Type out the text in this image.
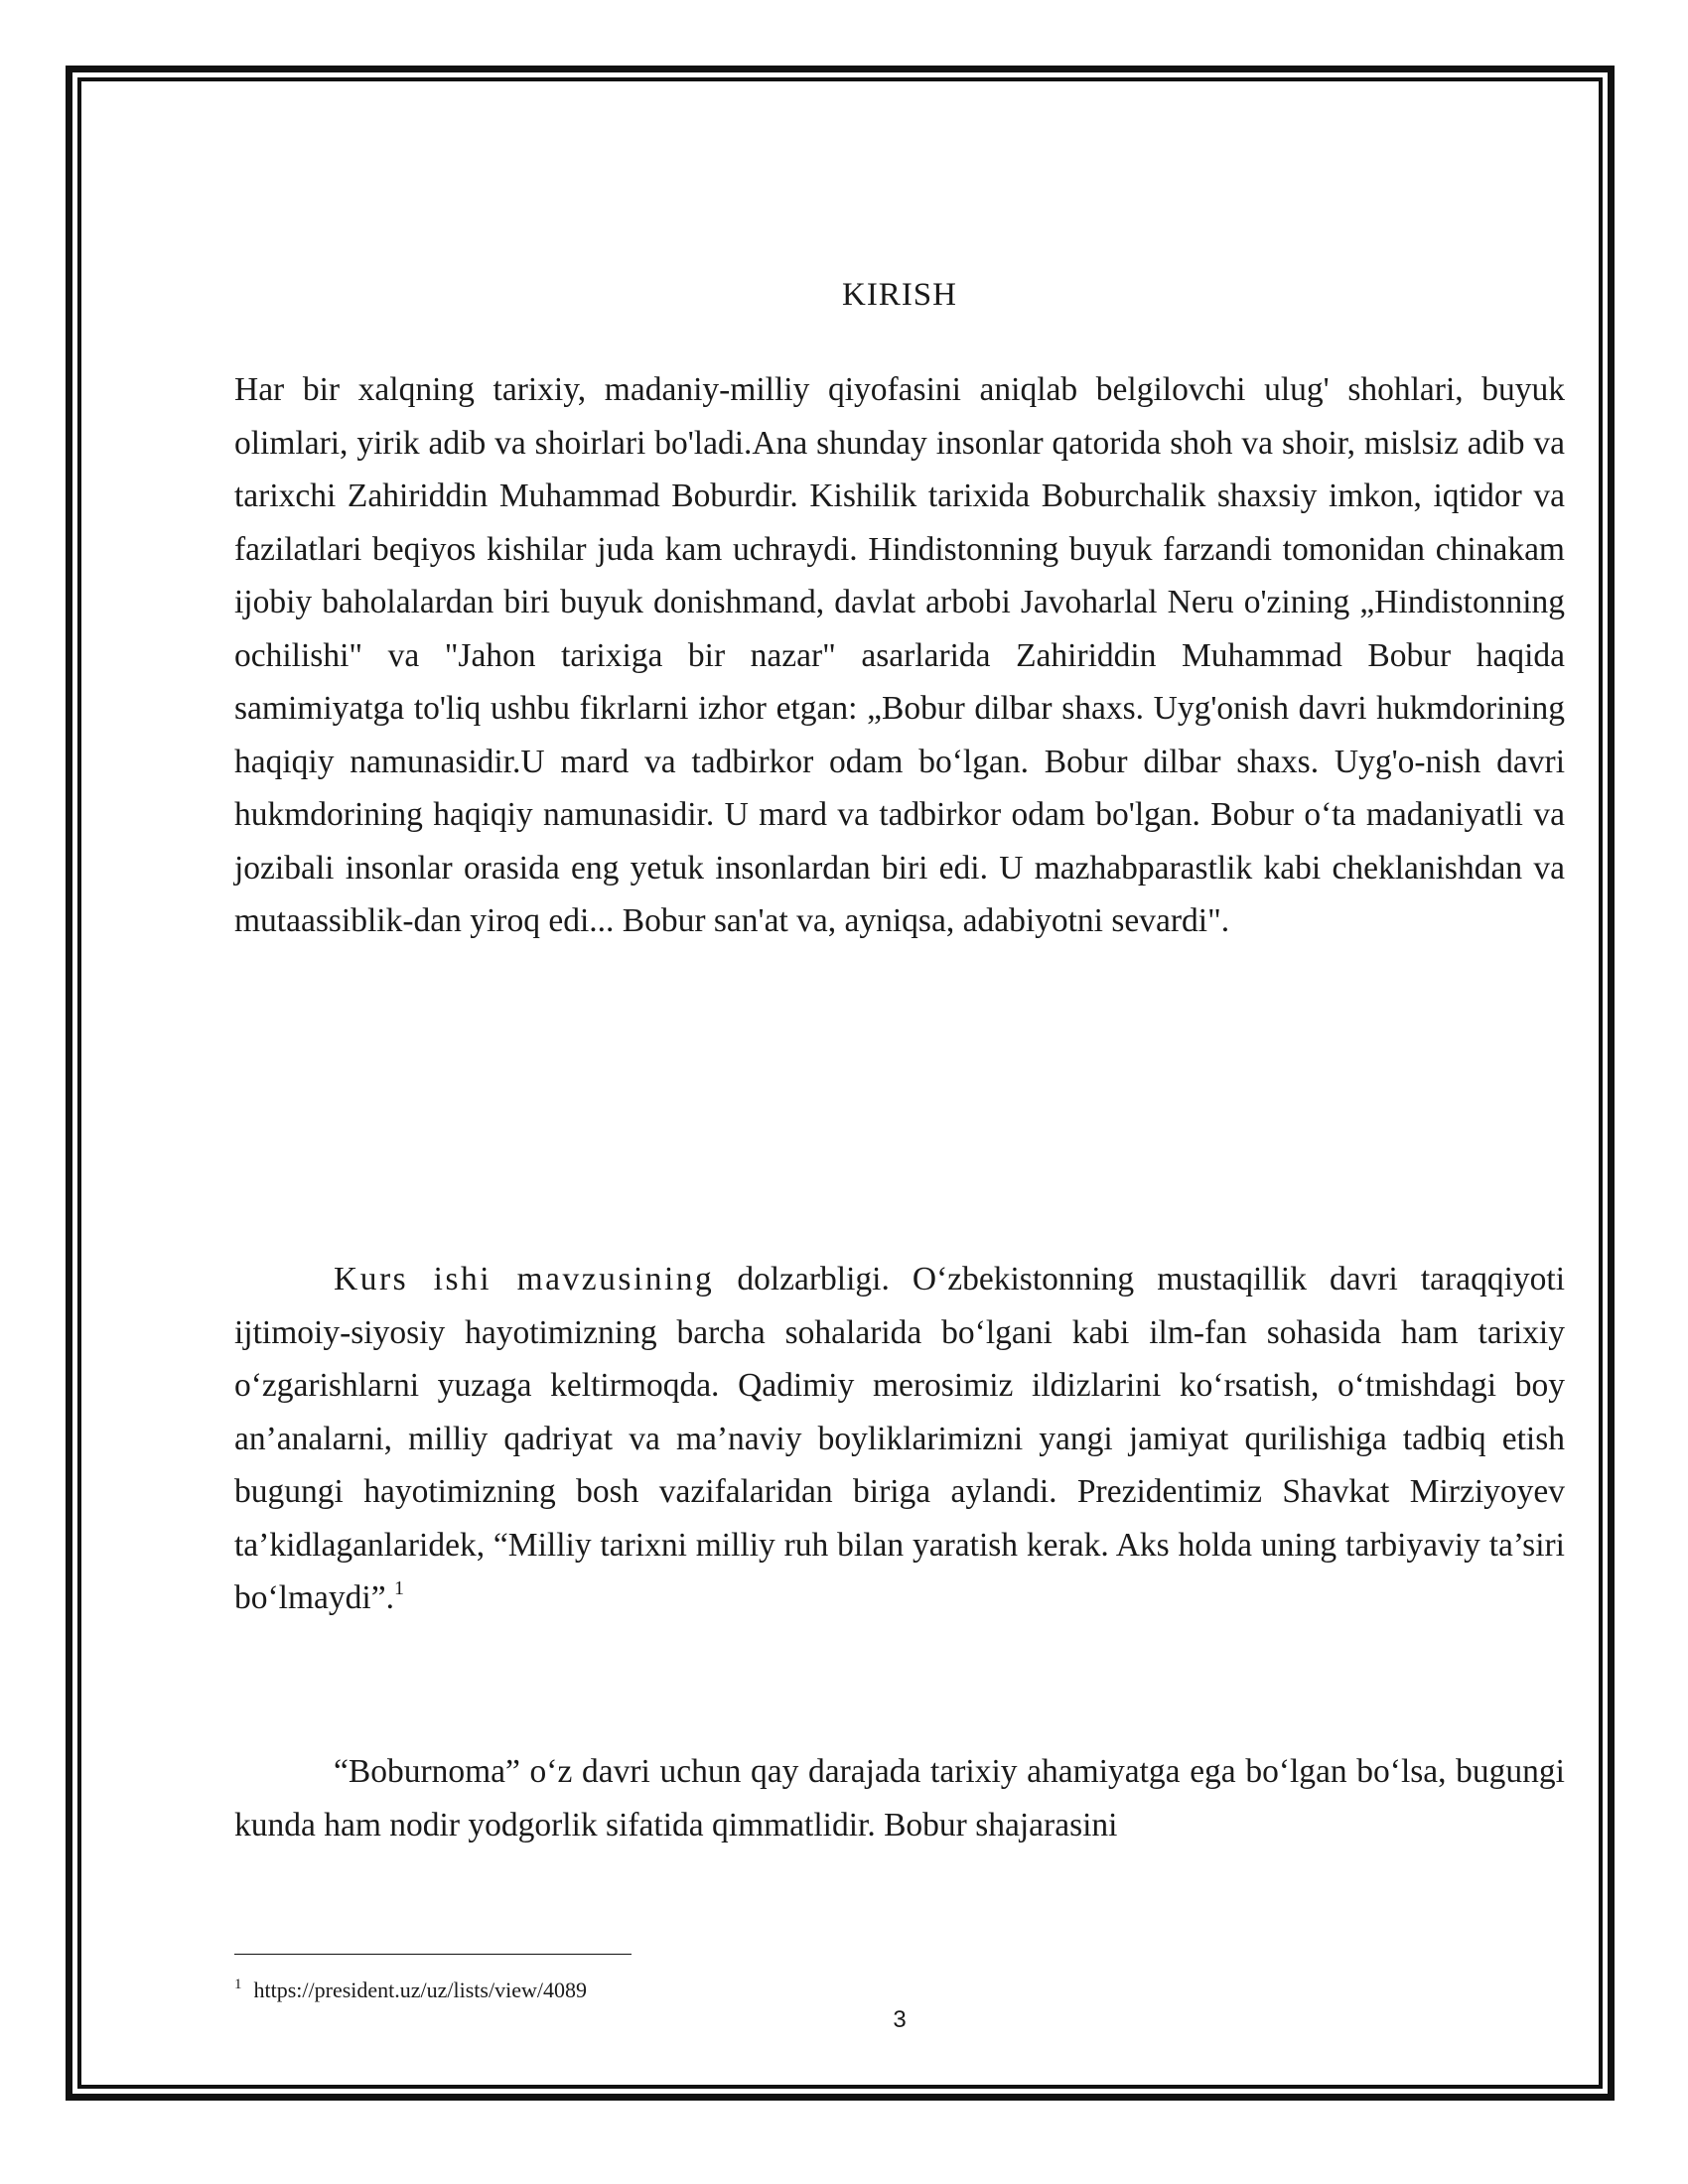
KIRISH

Har bir xalqning tarixiy, madaniy-milliy qiyofasini aniqlab belgilovchi ulug' shohlari, buyuk olimlari, yirik adib va shoirlari bo'ladi.Ana shunday insonlar qatorida shoh va shoir, mislsiz adib va tarixchi Zahiriddin Muhammad Boburdir. Kishilik tarixida Boburchalik shaxsiy imkon, iqtidor va fazilatlari beqiyos kishilar juda kam uchraydi. Hindistonning buyuk farzandi tomonidan chinakam ijobiy baholalardan biri buyuk donishmand, davlat arbobi Javoharlal Neru o'zining „Hindistonning ochilishi" va "Jahon tarixiga bir nazar" asarlarida Zahiriddin Muhammad Bobur haqida samimiyatga to'liq ushbu fikrlarni izhor etgan: „Bobur dilbar shaxs. Uyg'onish davri hukmdorining haqiqiy namunasidir.U mard va tadbirkor odam bo‘lgan. Bobur dilbar shaxs. Uyg'o-nish davri hukmdorining haqiqiy namunasidir. U mard va tadbirkor odam bo'lgan. Bobur o‘ta madaniyatli va jozibali insonlar orasida eng yetuk insonlardan biri edi. U mazhabparastlik kabi cheklanishdan va mutaassiblik-dan yiroq edi... Bobur san'at va, ayniqsa, adabiyotni sevardi".

Kurs ishi mavzusining dolzarbligi. O‘zbekistonning mustaqillik davri taraqqiyoti ijtimoiy-siyosiy hayotimizning barcha sohalarida bo‘lgani kabi ilm-fan sohasida ham tarixiy o‘zgarishlarni yuzaga keltirmoqda. Qadimiy merosimiz ildizlarini ko‘rsatish, o‘tmishdagi boy an’analarni, milliy qadriyat va ma’naviy boyliklarimizni yangi jamiyat qurilishiga tadbiq etish bugungi hayotimizning bosh vazifalaridan biriga aylandi. Prezidentimiz Shavkat Mirziyoyev ta’kidlaganlaridek, “Milliy tarixni milliy ruh bilan yaratish kerak. Aks holda uning tarbiyaviy ta’siri bo‘lmaydi”.$^1$

“Boburnoma” o‘z davri uchun qay darajada tarixiy ahamiyatga ega bo‘lgan bo‘lsa, bugungi kunda ham nodir yodgorlik sifatida qimmatlidir. Bobur shajarasini

$^1$ https://president.uz/uz/lists/view/4089

3
